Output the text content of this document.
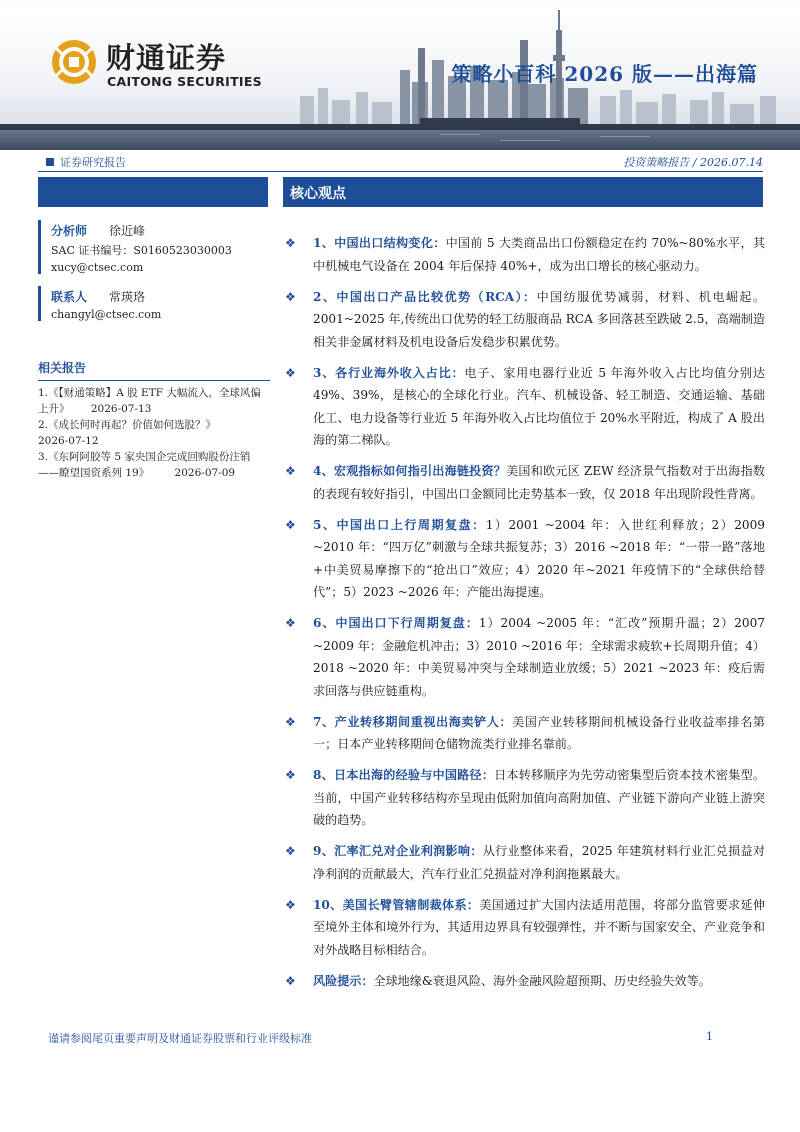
财通证券
CAITONG SECURITIES	策略小百科 2026 版——出海篇
证券研究报告	投资策略报告 / 2026.07.14
分析师 徐近峰
SAC 证书编号：S0160523030003
xucy@ctsec.com
联系人 常瑛珞
changyl@ctsec.com
相关报告
1.《【财通策略】A 股 ETF 大幅流入，全球风偏上升》 2026-07-13
2.《成长何时再起？价值如何选股？》
2026-07-12
3.《东阿阿胶等 5 家央国企完成回购股份注销——瞭望国资系列 19》 2026-07-09
核心观点
❖ 1、中国出口结构变化：中国前 5 大类商品出口份额稳定在约 70%~80%水平，其中机械电气设备在 2004 年后保持 40%+，成为出口增长的核心驱动力。
❖ 2、中国出口产品比较优势（RCA）：中国纺服优势减弱，材料、机电崛起。2001~2025 年,传统出口优势的轻工纺服商品 RCA 多回落甚至跌破 2.5，高端制造相关非金属材料及机电设备后发稳步积累优势。
❖ 3、各行业海外收入占比：电子、家用电器行业近 5 年海外收入占比均值分别达 49%、39%，是核心的全球化行业。汽车、机械设备、轻工制造、交通运输、基础化工、电力设备等行业近 5 年海外收入占比均值位于 20%水平附近，构成了 A 股出海的第二梯队。
❖ 4、宏观指标如何指引出海链投资？美国和欧元区 ZEW 经济景气指数对于出海指数的表现有较好指引，中国出口金额同比走势基本一致，仅 2018 年出现阶段性背离。
❖ 5、中国出口上行周期复盘：1）2001 ~2004 年：入世红利释放；2）2009 ~2010 年：“四万亿”刺激与全球共振复苏；3）2016 ~2018 年：“一带一路”落地+中美贸易摩擦下的“抢出口”效应；4）2020 年~2021 年疫情下的“全球供给替代”；5）2023 ~2026 年：产能出海提速。
❖ 6、中国出口下行周期复盘：1）2004 ~2005 年：“汇改”预期升温；2）2007 ~2009 年：金融危机冲击；3）2010 ~2016 年：全球需求疲软+长周期升值；4）2018 ~2020 年：中美贸易冲突与全球制造业放缓；5）2021 ~2023 年：疫后需求回落与供应链重构。
❖ 7、产业转移期间重视出海卖铲人：美国产业转移期间机械设备行业收益率排名第一；日本产业转移期间仓储物流类行业排名靠前。
❖ 8、日本出海的经验与中国路径：日本转移顺序为先劳动密集型后资本技术密集型。当前，中国产业转移结构亦呈现由低附加值向高附加值、产业链下游向产业链上游突破的趋势。
❖ 9、汇率汇兑对企业利润影响：从行业整体来看，2025 年建筑材料行业汇兑损益对净利润的贡献最大，汽车行业汇兑损益对净利润拖累最大。
❖ 10、美国长臂管辖制裁体系：美国通过扩大国内法适用范围，将部分监管要求延伸至境外主体和境外行为，其适用边界具有较强弹性，并不断与国家安全、产业竞争和对外战略目标相结合。
❖ 风险提示：全球地缘&衰退风险、海外金融风险超预期、历史经验失效等。
谨请参阅尾页重要声明及财通证券股票和行业评级标准	1
